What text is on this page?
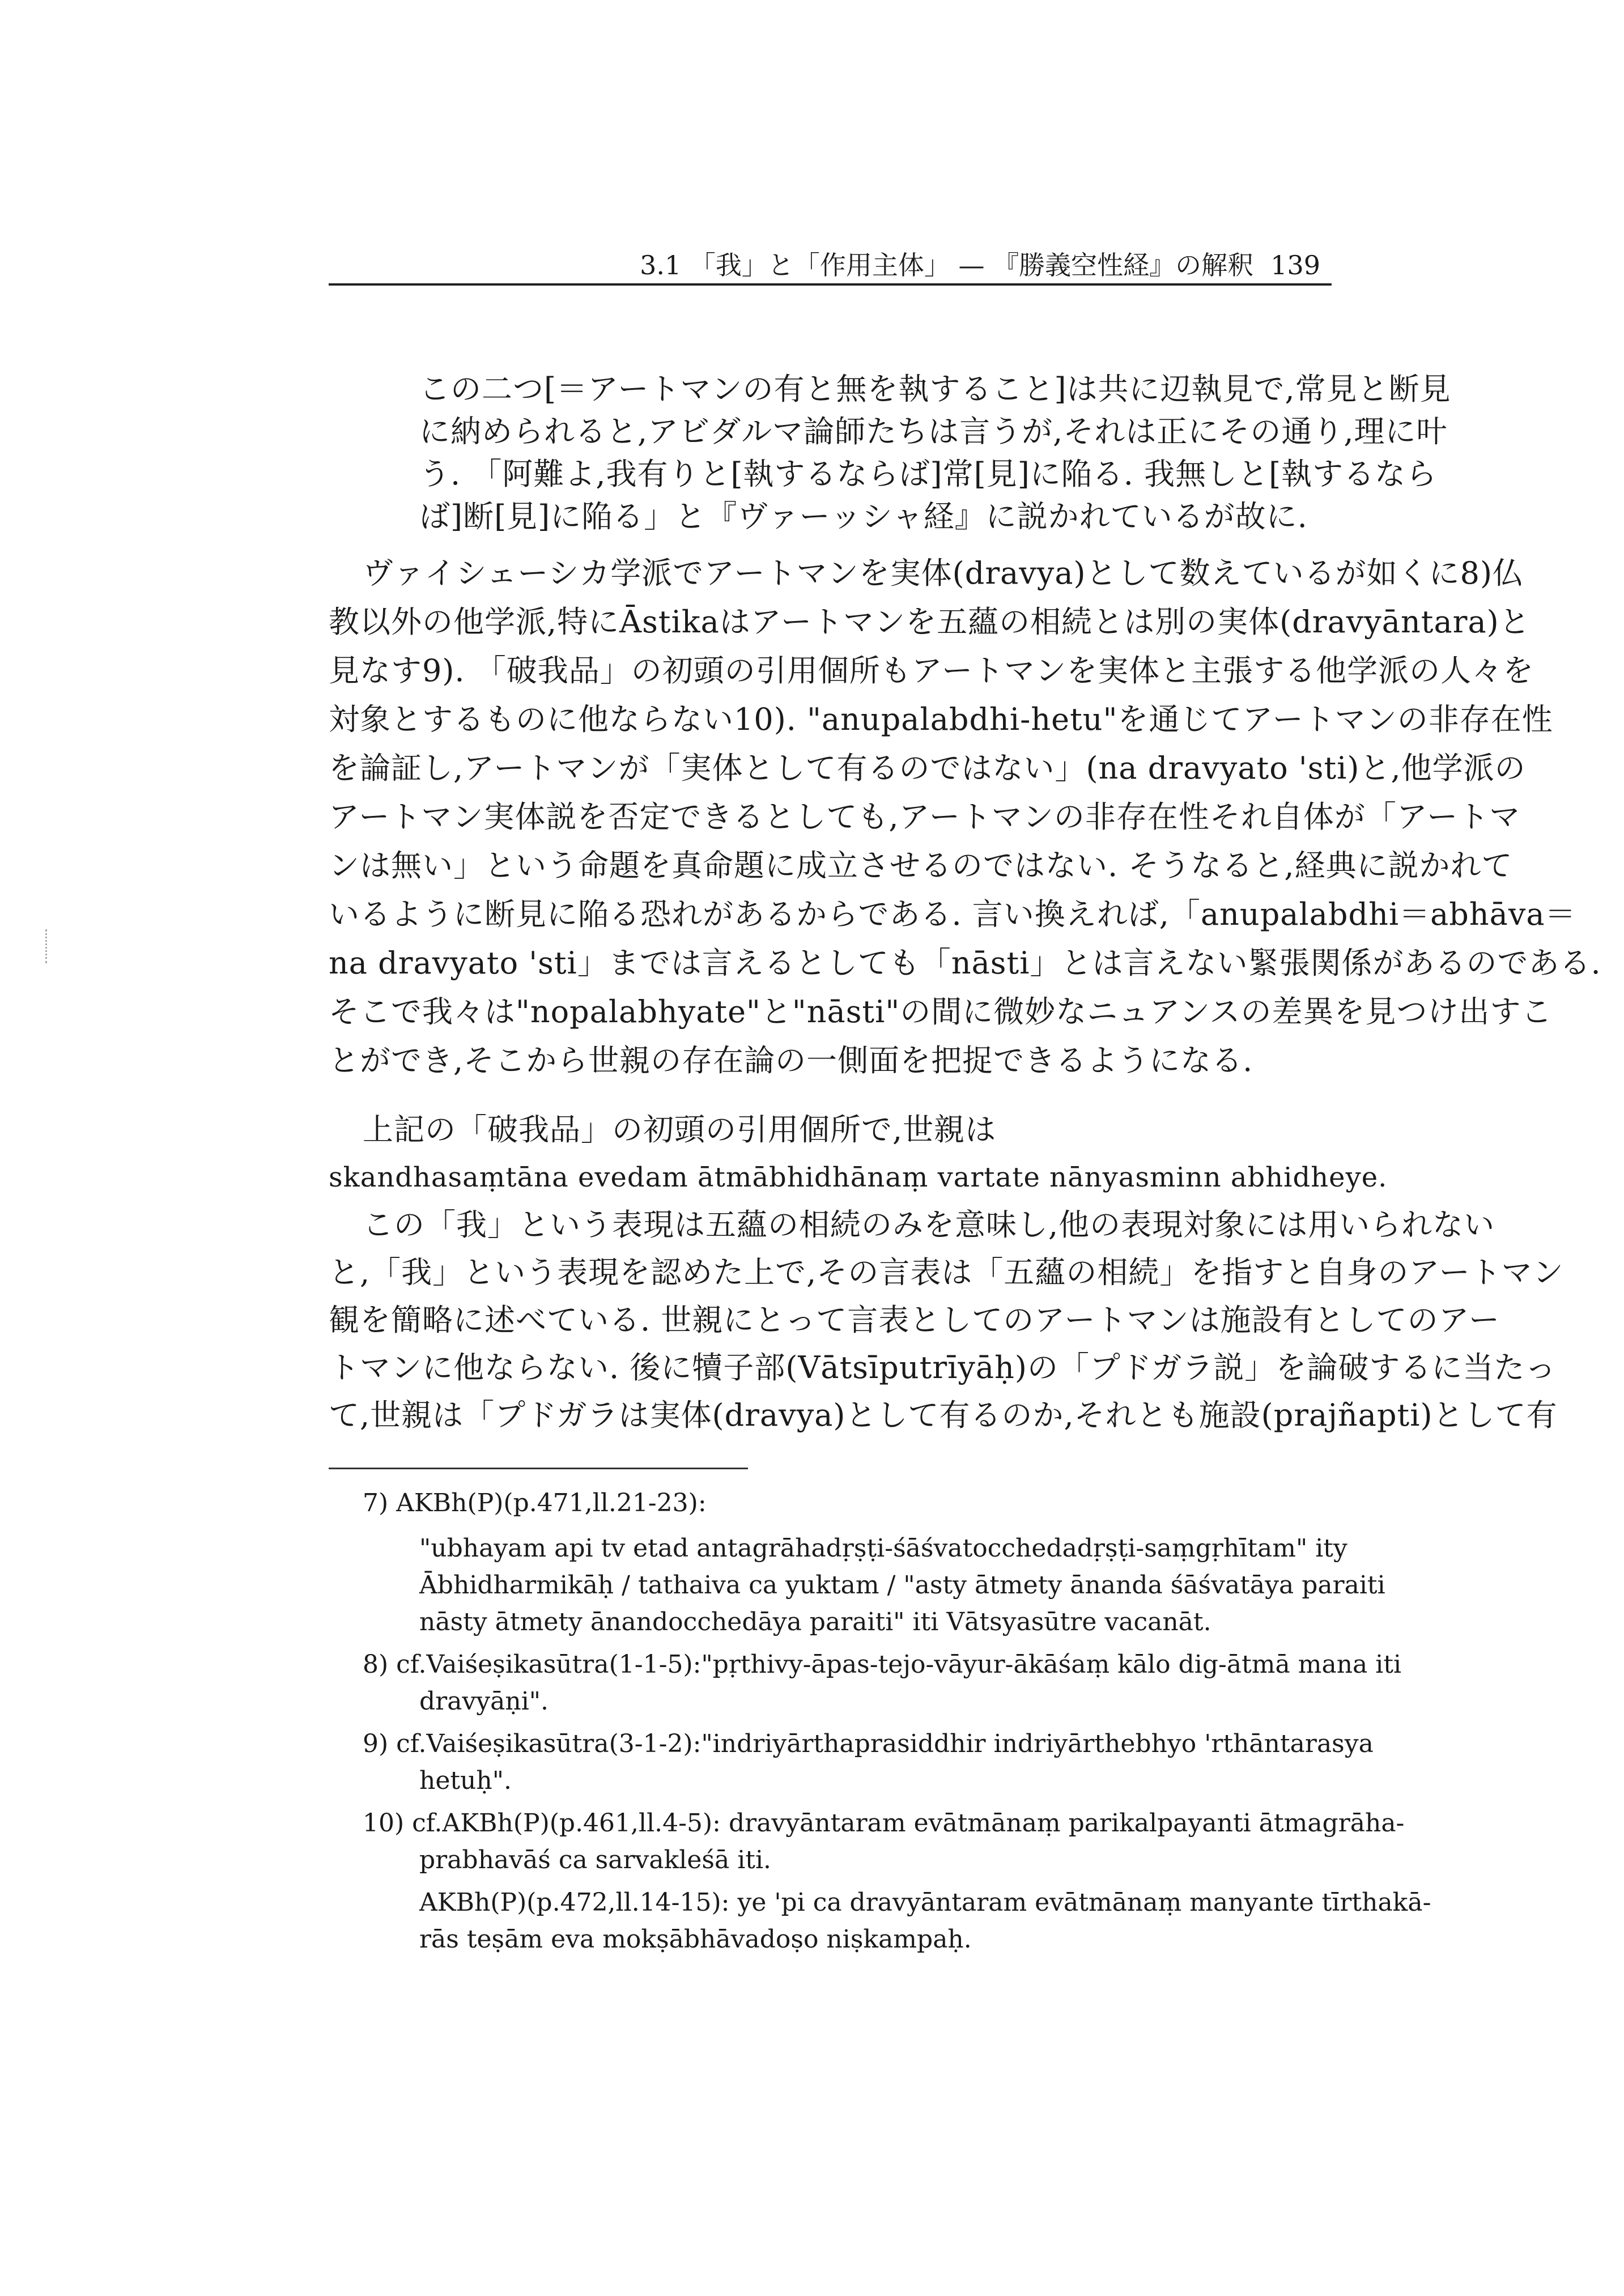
3.1 「我」と「作用主体」 — 『勝義空性経』の解釈 139
この二つ[＝アートマンの有と無を執すること]は共に辺執見で,常見と断見
に納められると,アビダルマ論師たちは言うが,それは正にその通り,理に叶
う. 「阿難よ,我有りと[執するならば]常[見]に陥る. 我無しと[執するなら
ば]断[見]に陥る」と『ヴァーッシャ経』に説かれているが故に.
ヴァイシェーシカ学派でアートマンを実体(dravya)として数えているが如くに8)仏
教以外の他学派,特にĀstikaはアートマンを五蘊の相続とは別の実体(dravyāntara)と
見なす9). 「破我品」の初頭の引用個所もアートマンを実体と主張する他学派の人々を
対象とするものに他ならない10). "anupalabdhi-hetu"を通じてアートマンの非存在性
を論証し,アートマンが「実体として有るのではない」(na dravyato 'sti)と,他学派の
アートマン実体説を否定できるとしても,アートマンの非存在性それ自体が「アートマ
ンは無い」という命題を真命題に成立させるのではない. そうなると,経典に説かれて
いるように断見に陥る恐れがあるからである. 言い換えれば,「anupalabdhi＝abhāva＝
na dravyato 'sti」までは言えるとしても「nāsti」とは言えない緊張関係があるのである.
そこで我々は"nopalabhyate"と"nāsti"の間に微妙なニュアンスの差異を見つけ出すこ
とができ,そこから世親の存在論の一側面を把捉できるようになる.
上記の「破我品」の初頭の引用個所で,世親は
skandhasaṃtāna evedam ātmābhidhānaṃ vartate nānyasminn abhidheye.
この「我」という表現は五蘊の相続のみを意味し,他の表現対象には用いられない
と,「我」という表現を認めた上で,その言表は「五蘊の相続」を指すと自身のアートマン
観を簡略に述べている. 世親にとって言表としてのアートマンは施設有としてのアー
トマンに他ならない. 後に犢子部(Vātsīputrīyāḥ)の「プドガラ説」を論破するに当たっ
て,世親は「プドガラは実体(dravya)として有るのか,それとも施設(prajñapti)として有
7) AKBh(P)(p.471,ll.21-23):
"ubhayam api tv etad antagrāhadṛṣṭi-śāśvatocchedadṛṣṭi-saṃgṛhītam" ity
Ābhidharmikāḥ / tathaiva ca yuktam / "asty ātmety ānanda śāśvatāya paraiti
nāsty ātmety ānandocchedāya paraiti" iti Vātsyasūtre vacanāt.
8) cf.Vaiśeṣikasūtra(1-1-5):"pṛthivy-āpas-tejo-vāyur-ākāśaṃ kālo dig-ātmā mana iti
dravyāṇi".
9) cf.Vaiśeṣikasūtra(3-1-2):"indriyārthaprasiddhir indriyārthebhyo 'rthāntarasya
hetuḥ".
10) cf.AKBh(P)(p.461,ll.4-5): dravyāntaram evātmānaṃ parikalpayanti ātmagrāha-
prabhavāś ca sarvakleśā iti.
AKBh(P)(p.472,ll.14-15): ye 'pi ca dravyāntaram evātmānaṃ manyante tīrthakā-
rās teṣām eva mokṣābhāvadoṣo niṣkampaḥ.
